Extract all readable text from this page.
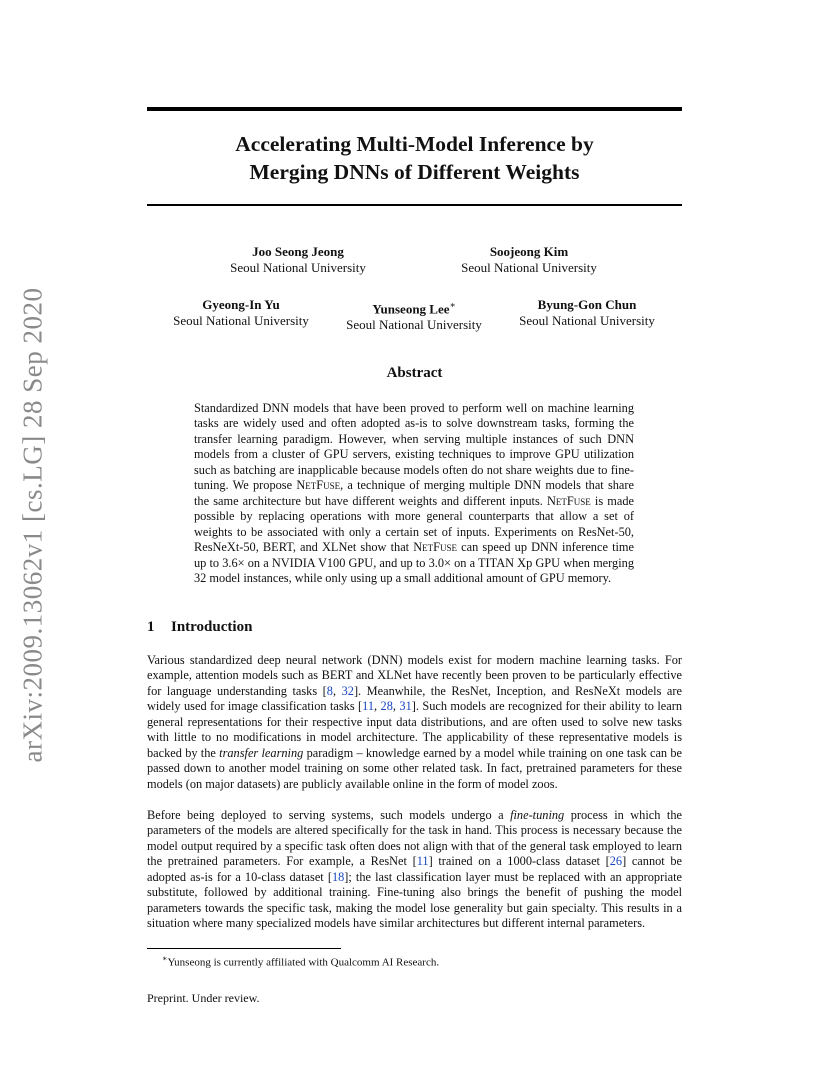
arXiv:2009.13062v1 [cs.LG] 28 Sep 2020
Accelerating Multi-Model Inference by
Merging DNNs of Different Weights
Joo Seong Jeong
Seoul National University
Soojeong Kim
Seoul National University
Gyeong-In Yu
Seoul National University
Yunseong Lee∗
Seoul National University
Byung-Gon Chun
Seoul National University
Abstract
Standardized DNN models that have been proved to perform well on machine learning tasks are widely used and often adopted as-is to solve downstream tasks, forming the transfer learning paradigm. However, when serving multiple instances of such DNN models from a cluster of GPU servers, existing techniques to improve GPU utilization such as batching are inapplicable because models often do not share weights due to fine-tuning. We propose NetFuse, a technique of merging multiple DNN models that share the same architecture but have different weights and different inputs. NetFuse is made possible by replacing operations with more general counterparts that allow a set of weights to be associated with only a certain set of inputs. Experiments on ResNet-50, ResNeXt-50, BERT, and XLNet show that NetFuse can speed up DNN inference time up to 3.6× on a NVIDIA V100 GPU, and up to 3.0× on a TITAN Xp GPU when merging 32 model instances, while only using up a small additional amount of GPU memory.
1 Introduction
Various standardized deep neural network (DNN) models exist for modern machine learning tasks. For example, attention models such as BERT and XLNet have recently been proven to be particularly effective for language understanding tasks [8, 32]. Meanwhile, the ResNet, Inception, and ResNeXt models are widely used for image classification tasks [11, 28, 31]. Such models are recognized for their ability to learn general representations for their respective input data distributions, and are often used to solve new tasks with little to no modifications in model architecture. The applicability of these representative models is backed by the transfer learning paradigm – knowledge earned by a model while training on one task can be passed down to another model training on some other related task. In fact, pretrained parameters for these models (on major datasets) are publicly available online in the form of model zoos.
Before being deployed to serving systems, such models undergo a fine-tuning process in which the parameters of the models are altered specifically for the task in hand. This process is necessary because the model output required by a specific task often does not align with that of the general task employed to learn the pretrained parameters. For example, a ResNet [11] trained on a 1000-class dataset [26] cannot be adopted as-is for a 10-class dataset [18]; the last classification layer must be replaced with an appropriate substitute, followed by additional training. Fine-tuning also brings the benefit of pushing the model parameters towards the specific task, making the model lose generality but gain specialty. This results in a situation where many specialized models have similar architectures but different internal parameters.
∗Yunseong is currently affiliated with Qualcomm AI Research.
Preprint. Under review.
